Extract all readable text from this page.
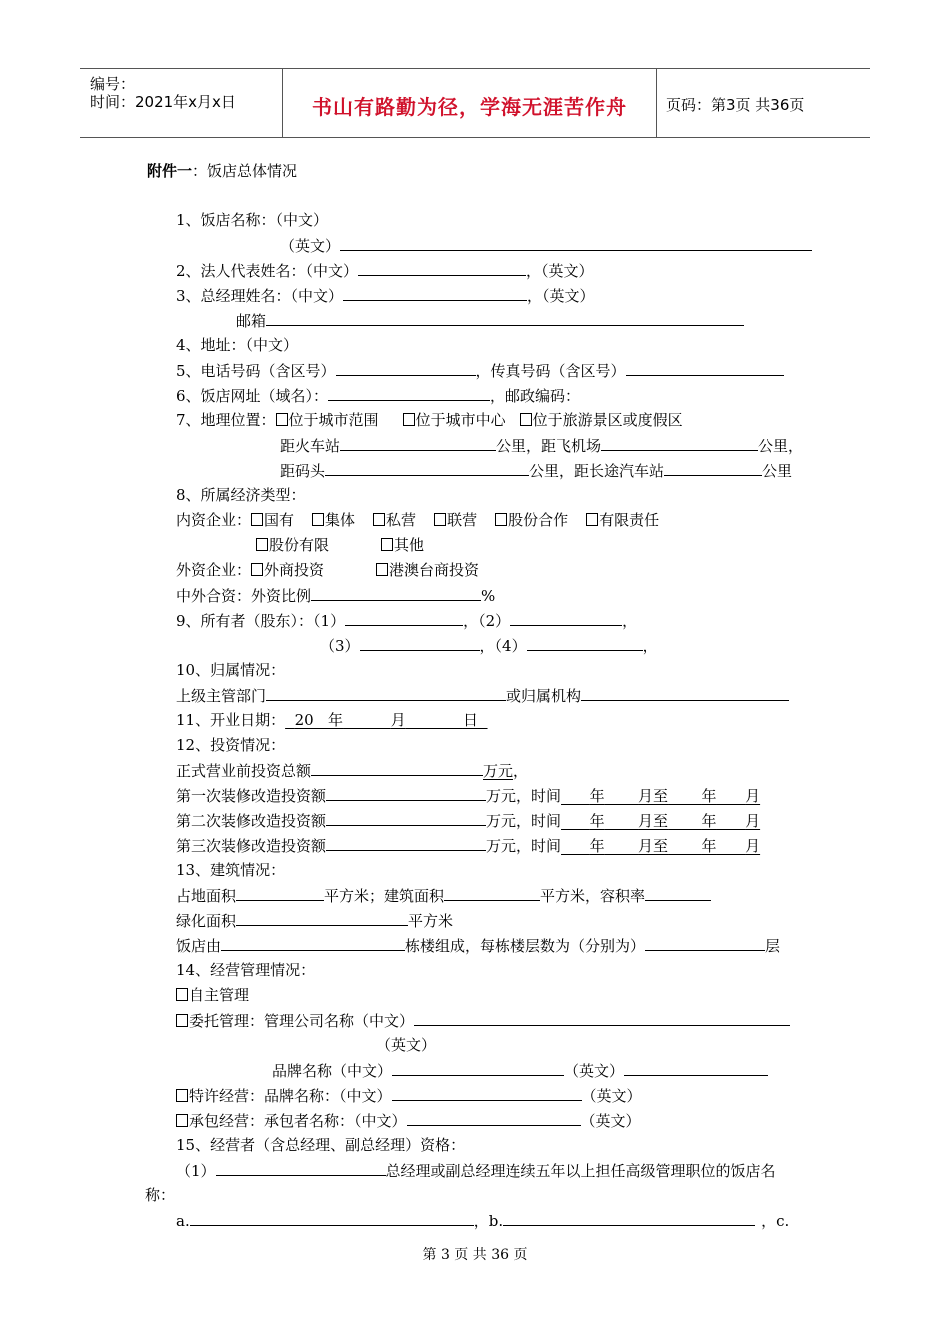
编号：
时间：2021年x月x日	书山有路勤为径，学海无涯苦作舟	页码：第3页 共36页
附件一：饭店总体情况
1、饭店名称：（中文）
（英文）
2、法人代表姓名：（中文）	，（英文）
3、总经理姓名：（中文）	，（英文）
邮箱
4、地址：（中文）
5、电话号码（含区号）	，传真号码（含区号）
6、饭店网址（域名）：	，邮政编码：
7、地理位置： 位于城市范围 位于城市中心 位于旅游景区或度假区
距火车站	公里，距飞机场	公里，
距码头	公里，距长途汽车站	公里
8、所属经济类型：
内资企业： 国有 集体 私营 联营 股份合作 有限责任
股份有限	其他
外资企业： 外商投资	港澳台商投资
中外合资：外资比例	%
9、所有者（股东）：（1）	，（2）	，
（3）	，（4）	，
10、归属情况：
上级主管部门	或归属机构
11、开业日期： 20   年	月	日
12、投资情况：
正式营业前投资总额	万元，
第一次装修改造投资额	万元，时间 年 月至 年 月
第二次装修改造投资额	万元，时间 年 月至 年 月
第三次装修改造投资额	万元，时间 年 月至 年 月
13、建筑情况：
占地面积	平方米；建筑面积	平方米，容积率
绿化面积	平方米
饭店由	栋楼组成，每栋楼层数为（分别为）	层
14、经营管理情况：
自主管理
委托管理：管理公司名称（中文）
（英文）
品牌名称（中文）	（英文）
特许经营：品牌名称：（中文）	（英文）
承包经营：承包者名称：（中文）	（英文）
15、经营者（含总经理、副总经理）资格：
（1）	总经理或副总经理连续五年以上担任高级管理职位的饭店名
称：
a.	，b.	，c.
第 3 页 共 36 页
